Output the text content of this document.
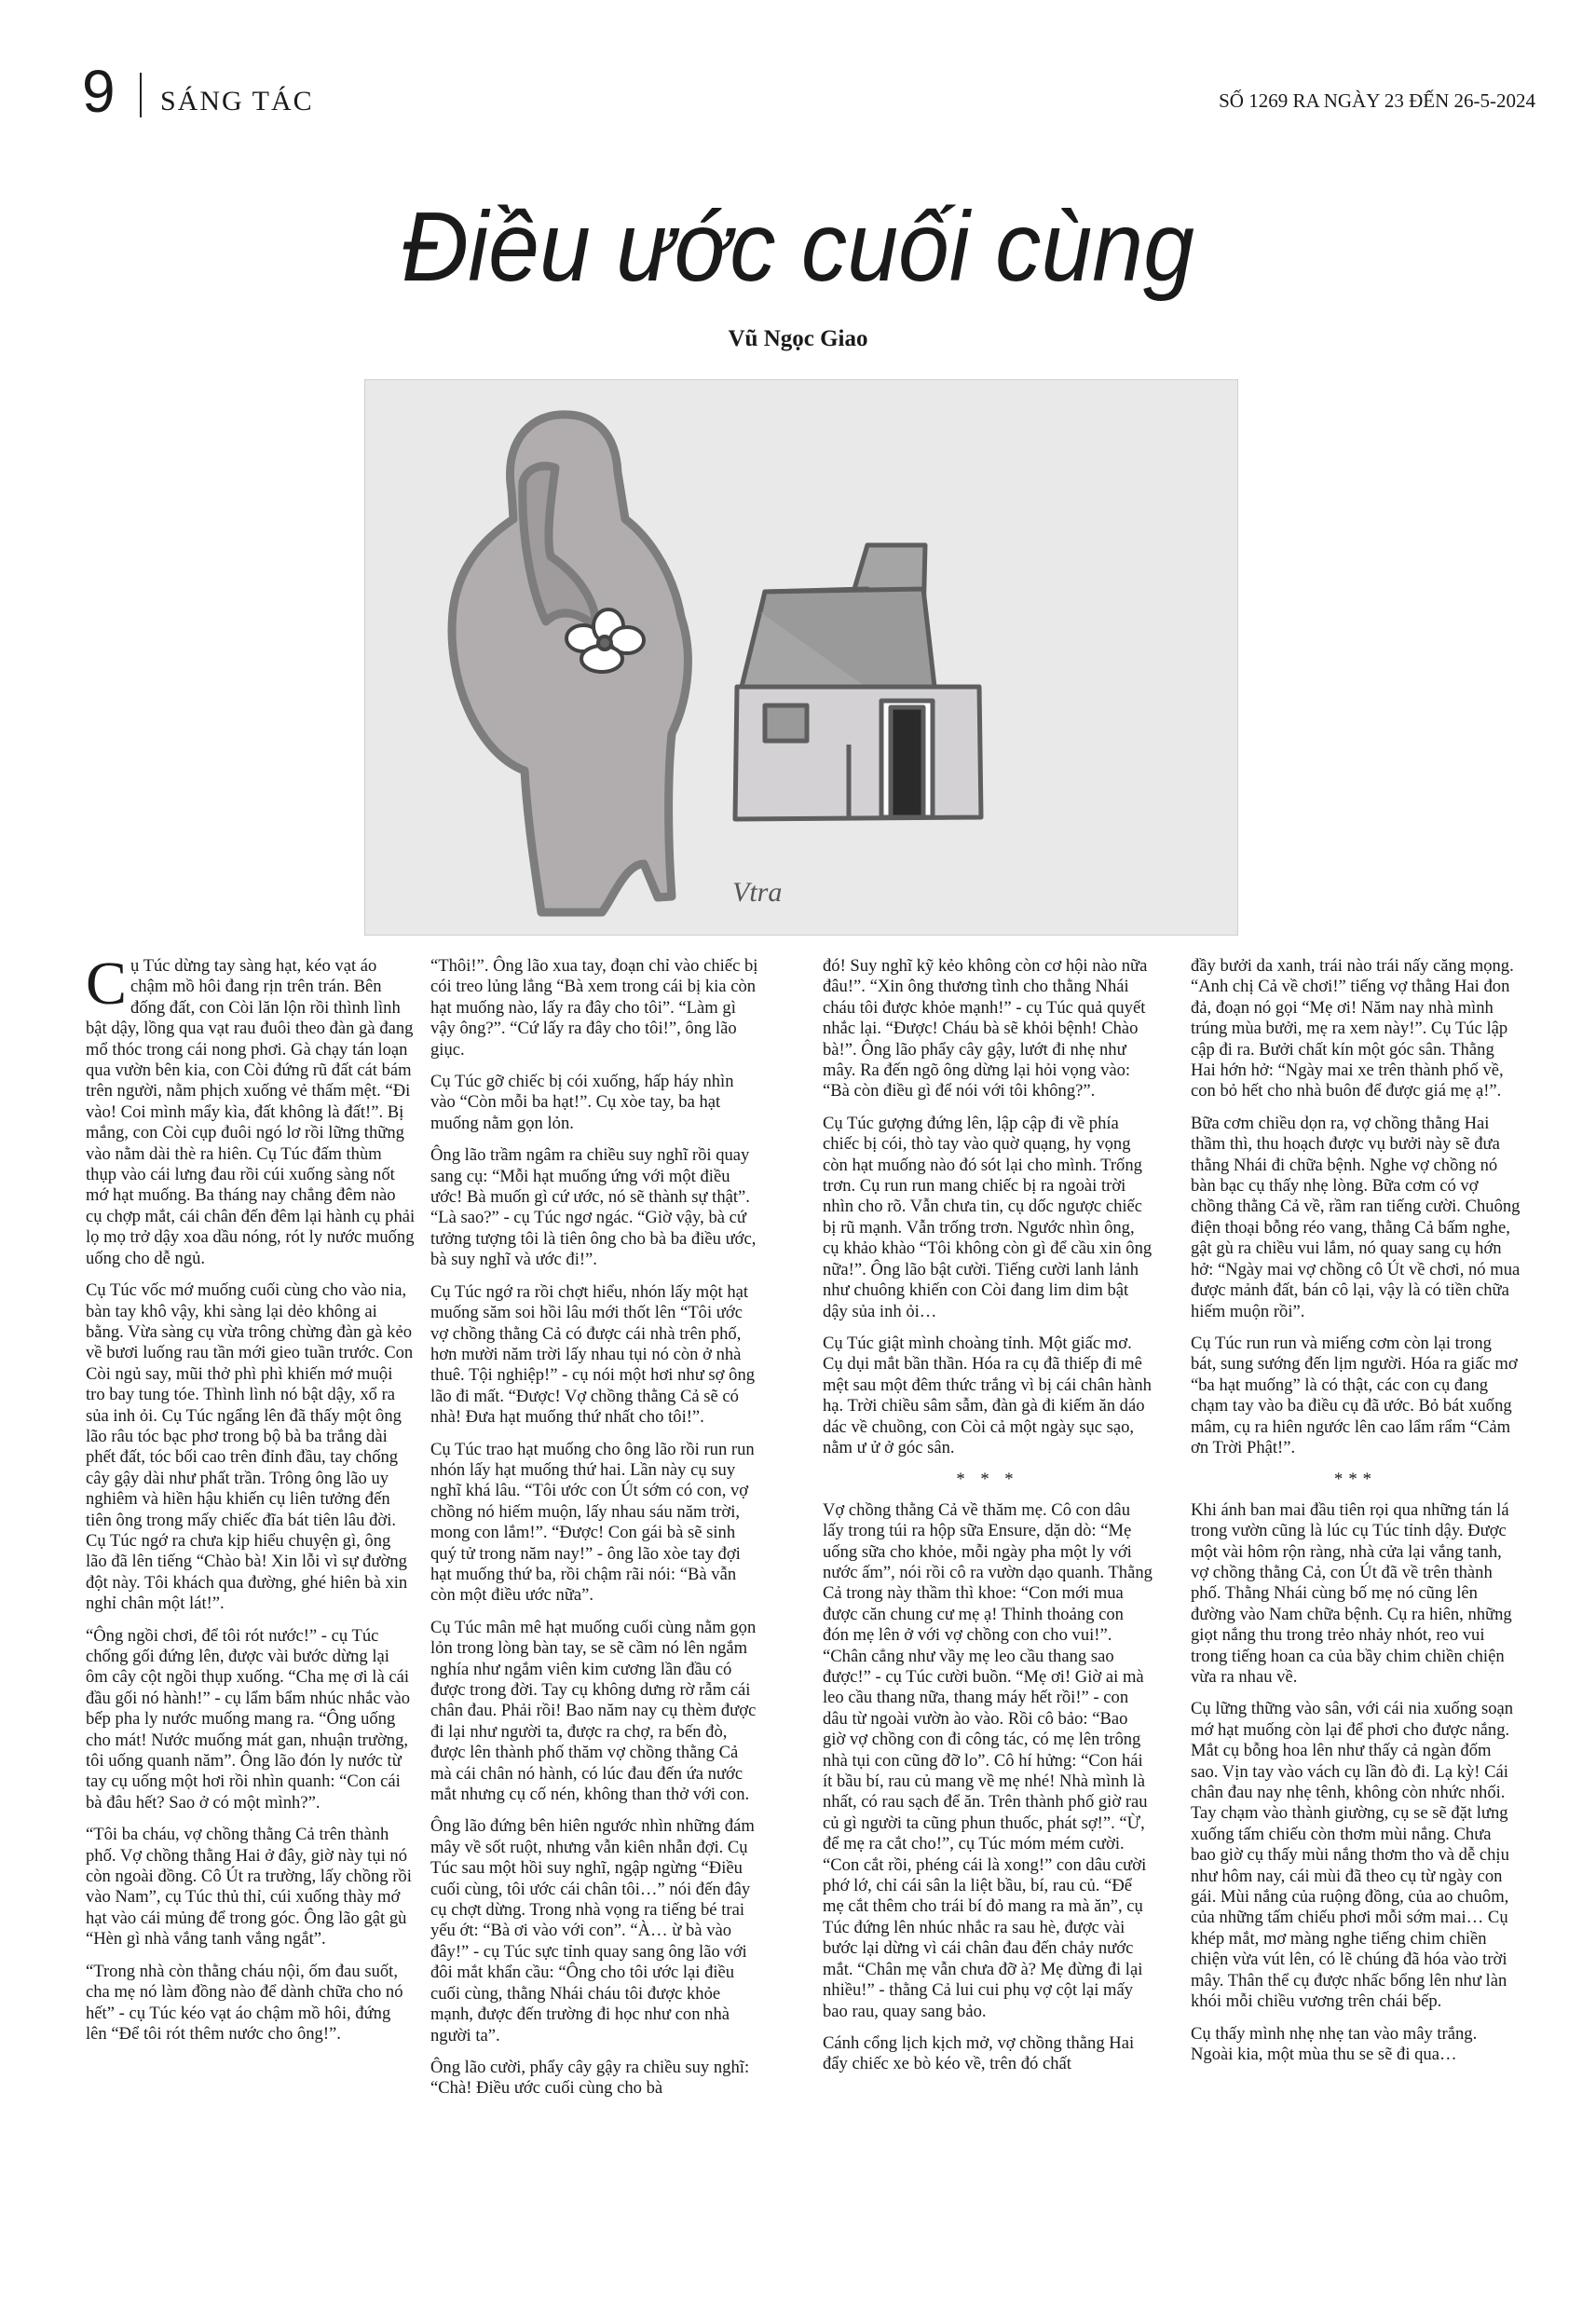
9 SÁNG TÁC	SỐ 1269 RA NGÀY 23 ĐẾN 26-5-2024
Điều ước cuối cùng
Vũ Ngọc Giao
Vtra

Cụ Túc dừng tay sàng hạt, kéo vạt áo chậm mồ hôi đang rịn trên trán. Bên đống đất, con Còi lăn lộn rồi thình lình bật dậy, lồng qua vạt rau đuôi theo đàn gà đang mổ thóc trong cái nong phơi. Gà chạy tán loạn qua vườn bên kia, con Còi đứng rũ đất cát bám trên người, nằm phịch xuống vẻ thấm mệt. “Đi vào! Coi mình mẩy kìa, đất không là đất!”. Bị mắng, con Còi cụp đuôi ngó lơ rồi lững thững vào nằm dài thè ra hiên. Cụ Túc đấm thùm thụp vào cái lưng đau rồi cúi xuống sàng nốt mớ hạt muống. Ba tháng nay chẳng đêm nào cụ chợp mắt, cái chân đến đêm lại hành cụ phải lọ mọ trở dậy xoa dầu nóng, rót ly nước muống uống cho dễ ngủ.

Cụ Túc vốc mớ muống cuối cùng cho vào nia, bàn tay khô vậy, khi sàng lại dẻo không ai bằng. Vừa sàng cụ vừa trông chừng đàn gà kẻo về bươi luống rau tần mới gieo tuần trước. Con Còi ngủ say, mũi thở phì phì khiến mớ muội tro bay tung tóe. Thình lình nó bật dậy, xổ ra sủa inh ỏi. Cụ Túc ngẩng lên đã thấy một ông lão râu tóc bạc phơ trong bộ bà ba trắng dài phết đất, tóc bối cao trên đỉnh đầu, tay chống cây gậy dài như phất trần. Trông ông lão uy nghiêm và hiền hậu khiến cụ liên tưởng đến tiên ông trong mấy chiếc đĩa bát tiên lâu đời. Cụ Túc ngớ ra chưa kịp hiểu chuyện gì, ông lão đã lên tiếng “Chào bà! Xin lỗi vì sự đường đột này. Tôi khách qua đường, ghé hiên bà xin nghỉ chân một lát!”.

“Ông ngồi chơi, để tôi rót nước!” - cụ Túc chống gối đứng lên, được vài bước dừng lại ôm cây cột ngồi thụp xuống. “Cha mẹ ơi là cái đầu gối nó hành!” - cụ lẩm bẩm nhúc nhắc vào bếp pha ly nước muống mang ra. “Ông uống cho mát! Nước muống mát gan, nhuận trường, tôi uống quanh năm”. Ông lão đón ly nước từ tay cụ uống một hơi rồi nhìn quanh: “Con cái bà đâu hết? Sao ở có một mình?”.

“Tôi ba cháu, vợ chồng thằng Cả trên thành phố. Vợ chồng thằng Hai ở đây, giờ này tụi nó còn ngoài đồng. Cô Út ra trường, lấy chồng rồi vào Nam”, cụ Túc thủ thỉ, cúi xuống thày mớ hạt vào cái mủng để trong góc. Ông lão gật gù “Hèn gì nhà vắng tanh vắng ngắt”.

“Trong nhà còn thằng cháu nội, ốm đau suốt, cha mẹ nó làm đồng nào để dành chữa cho nó hết” - cụ Túc kéo vạt áo chậm mồ hôi, đứng lên “Để tôi rót thêm nước cho ông!”.

“Thôi!”. Ông lão xua tay, đoạn chỉ vào chiếc bị cói treo lủng lẳng “Bà xem trong cái bị kia còn hạt muống nào, lấy ra đây cho tôi”. “Làm gì vậy ông?”. “Cứ lấy ra đây cho tôi!”, ông lão giục.

Cụ Túc gỡ chiếc bị cói xuống, hấp háy nhìn vào “Còn mỗi ba hạt!”. Cụ xòe tay, ba hạt muống nằm gọn lỏn.

Ông lão trầm ngâm ra chiều suy nghĩ rồi quay sang cụ: “Mỗi hạt muống ứng với một điều ước! Bà muốn gì cứ ước, nó sẽ thành sự thật”. “Là sao?” - cụ Túc ngơ ngác. “Giờ vậy, bà cứ tưởng tượng tôi là tiên ông cho bà ba điều ước, bà suy nghĩ và ước đi!”.

Cụ Túc ngớ ra rồi chợt hiểu, nhón lấy một hạt muống săm soi hồi lâu mới thốt lên “Tôi ước vợ chồng thằng Cả có được cái nhà trên phố, hơn mười năm trời lấy nhau tụi nó còn ở nhà thuê. Tội nghiệp!” - cụ nói một hơi như sợ ông lão đi mất. “Được! Vợ chồng thằng Cả sẽ có nhà! Đưa hạt muống thứ nhất cho tôi!”.

Cụ Túc trao hạt muống cho ông lão rồi run run nhón lấy hạt muống thứ hai. Lần này cụ suy nghĩ khá lâu. “Tôi ước con Út sớm có con, vợ chồng nó hiếm muộn, lấy nhau sáu năm trời, mong con lắm!”. “Được! Con gái bà sẽ sinh quý tử trong năm nay!” - ông lão xòe tay đợi hạt muống thứ ba, rồi chậm rãi nói: “Bà vẫn còn một điều ước nữa”.

Cụ Túc mân mê hạt muống cuối cùng nằm gọn lỏn trong lòng bàn tay, se sẽ cầm nó lên ngắm nghía như ngắm viên kim cương lần đầu có được trong đời. Tay cụ không dưng rờ rẫm cái chân đau. Phải rồi! Bao năm nay cụ thèm được đi lại như người ta, được ra chợ, ra bến đò, được lên thành phố thăm vợ chồng thằng Cả mà cái chân nó hành, có lúc đau đến ứa nước mắt nhưng cụ cố nén, không than thở với con.

Ông lão đứng bên hiên ngước nhìn những đám mây về sốt ruột, nhưng vẫn kiên nhẫn đợi. Cụ Túc sau một hồi suy nghĩ, ngập ngừng “Điều cuối cùng, tôi ước cái chân tôi…” nói đến đây cụ chợt dừng. Trong nhà vọng ra tiếng bé trai yếu ớt: “Bà ơi vào với con”. “À… ừ bà vào đây!” - cụ Túc sực tỉnh quay sang ông lão với đôi mắt khẩn cầu: “Ông cho tôi ước lại điều cuối cùng, thằng Nhái cháu tôi được khỏe mạnh, được đến trường đi học như con nhà người ta”.

Ông lão cười, phẩy cây gậy ra chiều suy nghĩ: “Chà! Điều ước cuối cùng cho bà

đó! Suy nghĩ kỹ kẻo không còn cơ hội nào nữa đâu!”. “Xin ông thương tình cho thằng Nhái cháu tôi được khỏe mạnh!” - cụ Túc quả quyết nhắc lại. “Được! Cháu bà sẽ khỏi bệnh! Chào bà!”. Ông lão phẩy cây gậy, lướt đi nhẹ như mây. Ra đến ngõ ông dừng lại hỏi vọng vào: “Bà còn điều gì để nói với tôi không?”.

Cụ Túc gượng đứng lên, lập cập đi về phía chiếc bị cói, thò tay vào quờ quạng, hy vọng còn hạt muống nào đó sót lại cho mình. Trống trơn. Cụ run run mang chiếc bị ra ngoài trời nhìn cho rõ. Vẫn chưa tin, cụ dốc ngược chiếc bị rũ mạnh. Vẫn trống trơn. Ngước nhìn ông, cụ khảo khào “Tôi không còn gì để cầu xin ông nữa!”. Ông lão bật cười. Tiếng cười lanh lảnh như chuông khiến con Còi đang lim dim bật dậy sủa inh ỏi…

Cụ Túc giật mình choàng tỉnh. Một giấc mơ. Cụ dụi mắt bần thần. Hóa ra cụ đã thiếp đi mê mệt sau một đêm thức trắng vì bị cái chân hành hạ. Trời chiều sâm sẫm, đàn gà đi kiếm ăn dáo dác về chuồng, con Còi cả một ngày sục sạo, nằm ư ử ở góc sân.

* * *

Vợ chồng thằng Cả về thăm mẹ. Cô con dâu lấy trong túi ra hộp sữa Ensure, dặn dò: “Mẹ uống sữa cho khỏe, mỗi ngày pha một ly với nước ấm”, nói rồi cô ra vườn dạo quanh. Thằng Cả trong này thầm thì khoe: “Con mới mua được căn chung cư mẹ ạ! Thỉnh thoảng con đón mẹ lên ở với vợ chồng con cho vui!”. “Chân cẳng như vầy mẹ leo cầu thang sao được!” - cụ Túc cười buồn. “Mẹ ơi! Giờ ai mà leo cầu thang nữa, thang máy hết rồi!” - con dâu từ ngoài vườn ào vào. Rồi cô bảo: “Bao giờ vợ chồng con đi công tác, có mẹ lên trông nhà tụi con cũng đỡ lo”. Cô hí hửng: “Con hái ít bầu bí, rau củ mang về mẹ nhé! Nhà mình là nhất, có rau sạch để ăn. Trên thành phố giờ rau củ gì người ta cũng phun thuốc, phát sợ!”. “Ừ, để mẹ ra cắt cho!”, cụ Túc móm mém cười. “Con cắt rồi, phéng cái là xong!” con dâu cười phớ lớ, chỉ cái sân la liệt bầu, bí, rau củ. “Để mẹ cắt thêm cho trái bí đỏ mang ra mà ăn”, cụ Túc đứng lên nhúc nhắc ra sau hè, được vài bước lại dừng vì cái chân đau đến chảy nước mắt. “Chân mẹ vẫn chưa đỡ à? Mẹ đừng đi lại nhiều!” - thằng Cả lui cui phụ vợ cột lại mấy bao rau, quay sang bảo.

Cánh cổng lịch kịch mở, vợ chồng thằng Hai đẩy chiếc xe bò kéo về, trên đó chất

đầy bưởi da xanh, trái nào trái nấy căng mọng. “Anh chị Cả về chơi!” tiếng vợ thằng Hai đon đả, đoạn nó gọi “Mẹ ơi! Năm nay nhà mình trúng mùa bưởi, mẹ ra xem này!”. Cụ Túc lập cập đi ra. Bưởi chất kín một góc sân. Thằng Hai hớn hở: “Ngày mai xe trên thành phố về, con bỏ hết cho nhà buôn để được giá mẹ ạ!”.

Bữa cơm chiều dọn ra, vợ chồng thằng Hai thầm thì, thu hoạch được vụ bưởi này sẽ đưa thằng Nhái đi chữa bệnh. Nghe vợ chồng nó bàn bạc cụ thấy nhẹ lòng. Bữa cơm có vợ chồng thằng Cả về, rầm ran tiếng cười. Chuông điện thoại bỗng réo vang, thằng Cả bấm nghe, gật gù ra chiều vui lắm, nó quay sang cụ hớn hở: “Ngày mai vợ chồng cô Út về chơi, nó mua được mảnh đất, bán cô lại, vậy là có tiền chữa hiếm muộn rồi”.

Cụ Túc run run và miếng cơm còn lại trong bát, sung sướng đến lịm người. Hóa ra giấc mơ “ba hạt muống” là có thật, các con cụ đang chạm tay vào ba điều cụ đã ước. Bỏ bát xuống mâm, cụ ra hiên ngước lên cao lẩm rẩm “Cảm ơn Trời Phật!”.

***

Khi ánh ban mai đầu tiên rọi qua những tán lá trong vườn cũng là lúc cụ Túc tỉnh dậy. Được một vài hôm rộn ràng, nhà cửa lại vắng tanh, vợ chồng thằng Cả, con Út đã về trên thành phố. Thằng Nhái cùng bố mẹ nó cũng lên đường vào Nam chữa bệnh. Cụ ra hiên, những giọt nắng thu trong trẻo nhảy nhót, reo vui trong tiếng hoan ca của bầy chim chiền chiện vừa ra nhau về.

Cụ lững thững vào sân, với cái nia xuống soạn mớ hạt muống còn lại để phơi cho được nắng. Mắt cụ bỗng hoa lên như thấy cả ngàn đốm sao. Vịn tay vào vách cụ lần đò đi. Lạ kỳ! Cái chân đau nay nhẹ tênh, không còn nhức nhối. Tay chạm vào thành giường, cụ se sẽ đặt lưng xuống tấm chiếu còn thơm mùi nắng. Chưa bao giờ cụ thấy mùi nắng thơm tho và dễ chịu như hôm nay, cái mùi đã theo cụ từ ngày con gái. Mùi nắng của ruộng đồng, của ao chuôm, của những tấm chiếu phơi mỗi sớm mai… Cụ khép mắt, mơ màng nghe tiếng chim chiền chiện vừa vút lên, có lẽ chúng đã hóa vào trời mây. Thân thể cụ được nhấc bổng lên như làn khói mỗi chiều vương trên chái bếp.

Cụ thấy mình nhẹ nhẹ tan vào mây trắng. Ngoài kia, một mùa thu se sẽ đi qua…
